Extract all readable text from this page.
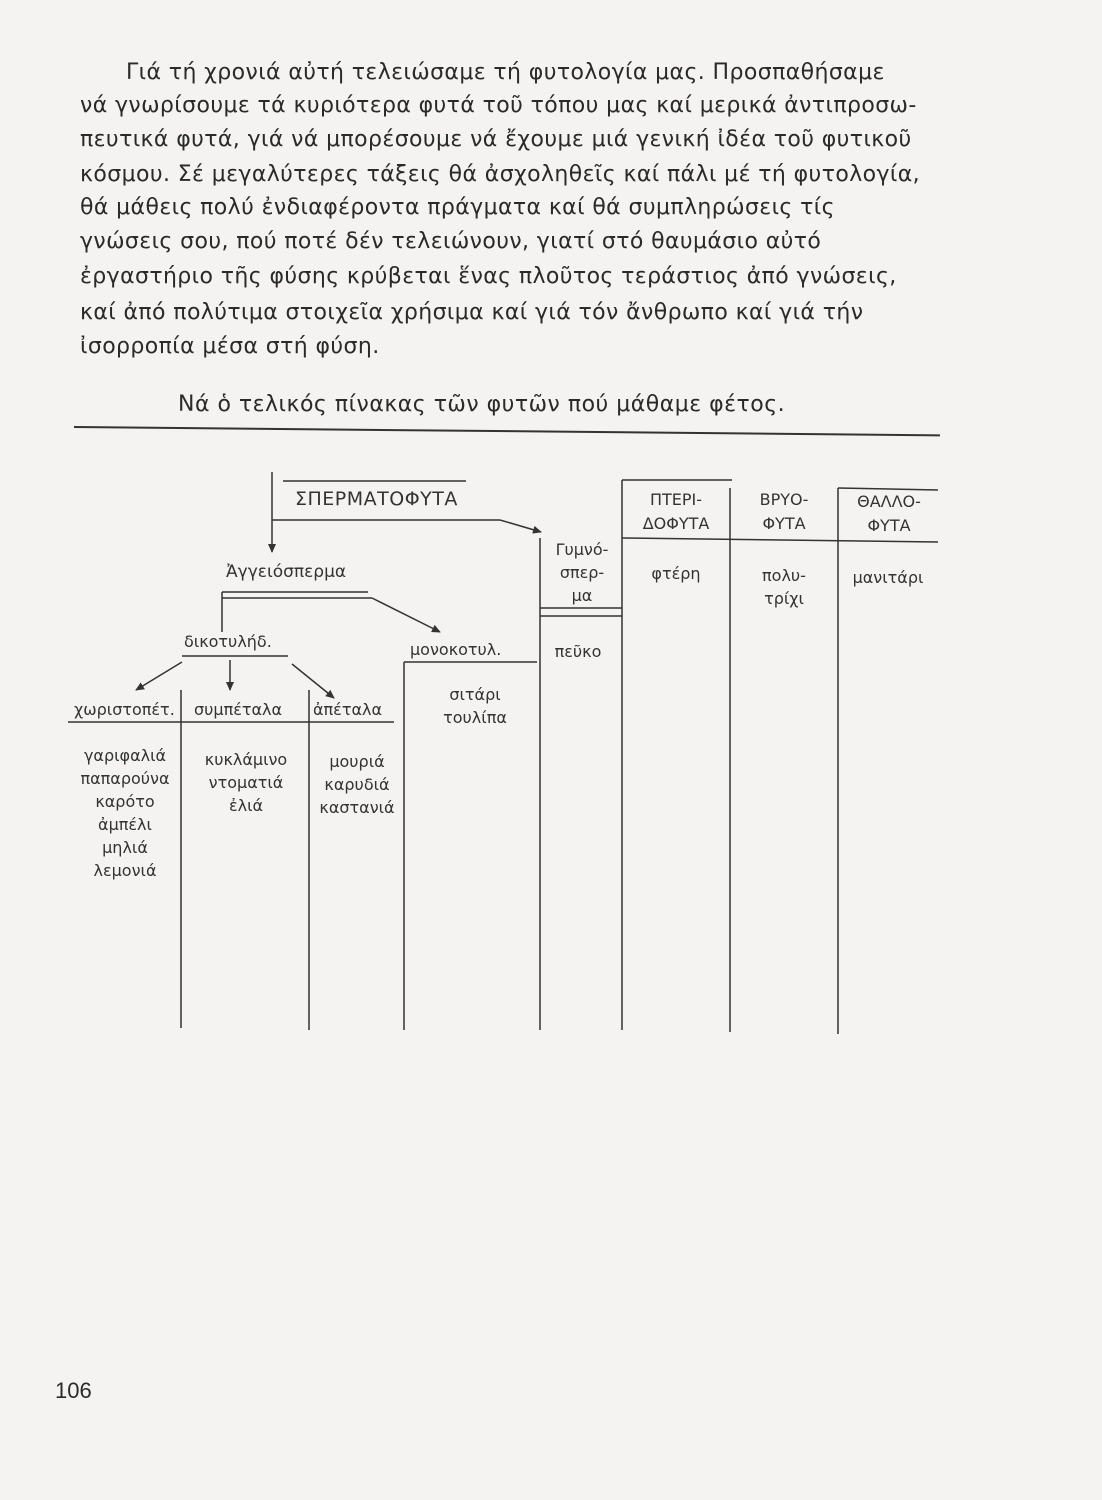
Γιά τή χρονιά αὐτή τελειώσαμε τή φυτολογία μας. Προσπαθήσαμε
νά γνωρίσουμε τά κυριότερα φυτά τοῦ τόπου μας καί μερικά ἀντιπροσω-
πευτικά φυτά, γιά νά μπορέσουμε νά ἔχουμε μιά γενική ἰδέα τοῦ φυτικοῦ
κόσμου. Σέ μεγαλύτερες τάξεις θά ἀσχοληθεῖς καί πάλι μέ τή φυτολογία,
θά μάθεις πολύ ἐνδιαφέροντα πράγματα καί θά συμπληρώσεις τίς
γνώσεις σου, πού ποτέ δέν τελειώνουν, γιατί στό θαυμάσιο αὐτό
ἐργαστήριο τῆς φύσης κρύβεται ἕνας πλοῦτος τεράστιος ἀπό γνώσεις,
καί ἀπό πολύτιμα στοιχεῖα χρήσιμα καί γιά τόν ἄνθρωπο καί γιά τήν
ἰσορροπία μέσα στή φύση.
Νά ὁ τελικός πίνακας τῶν φυτῶν πού μάθαμε φέτος.
ΣΠΕΡΜΑΤΟΦΥΤΑ
Ἀγγειόσπερμα
Γυμνό-
σπερ-
μα
δικοτυλήδ.	μονοκοτυλ.
χωριστοπέτ. συμπέταλα ἀπέταλα
ΠΤΕΡΙ-
ΔΟΦΥΤΑ
ΒΡΥΟ-
ΦΥΤΑ
ΘΑΛΛΟ-
ΦΥΤΑ
γαριφαλιά
παπαρούνα
καρότο
ἀμπέλι
μηλιά
λεμονιά
κυκλάμινο
ντοματιά
ἐλιά
μουριά
καρυδιά
καστανιά
σιτάρι
τουλίπα
πεῦκο
φτέρη	πολυ-
τρίχι
μανιτάρι
106
